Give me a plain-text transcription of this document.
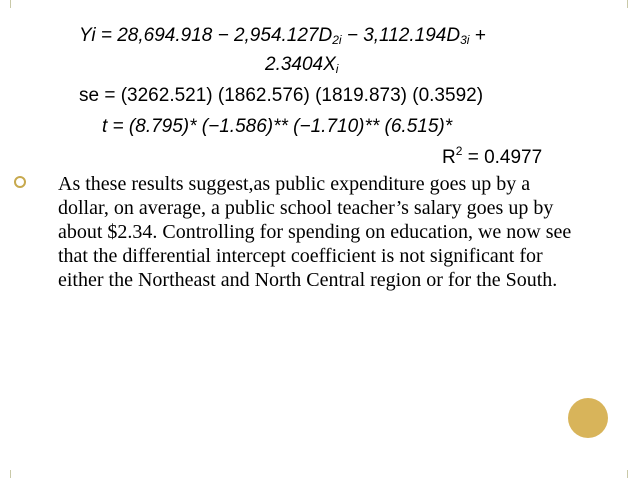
$Yi = 28,694.918 - 2,954.127D_{2i} - 3,112.194D_{3i}$ +
$2.3404X_i$
se = (3262.521) (1862.576) (1819.873) (0.3592)
t = (8.795)* (−1.586)** (−1.710)** (6.515)*
$R^2 = 0.4977$
As these results suggest,as public expenditure goes up by a dollar, on average, a public school teacher’s salary goes up by about $2.34. Controlling for spending on education, we now see that the differential intercept coefficient is not significant for either the Northeast and North Central region or for the South.
